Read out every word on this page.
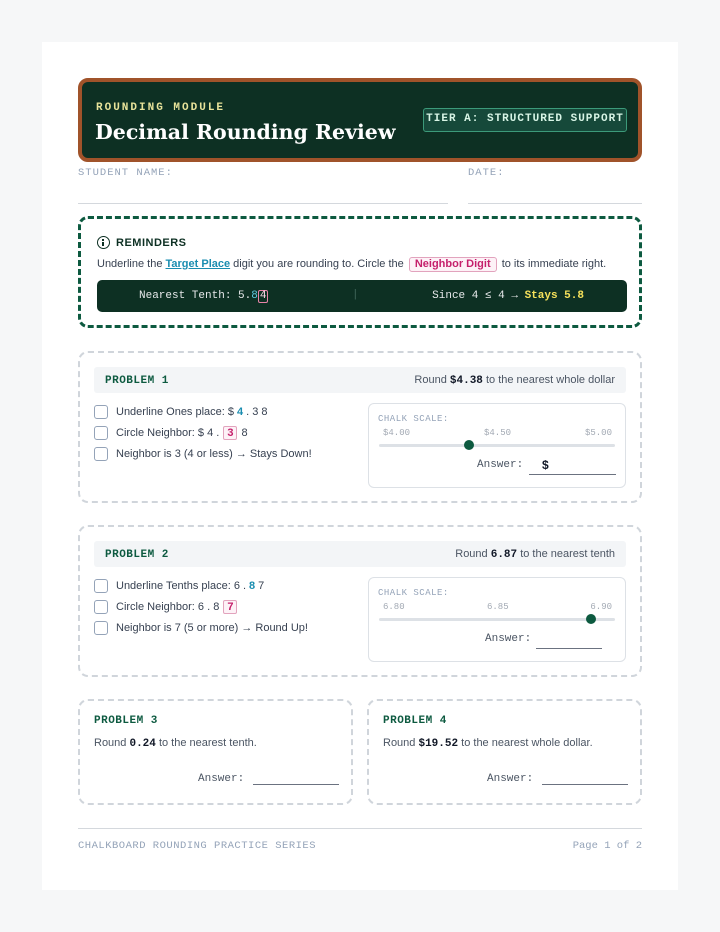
ROUNDING MODULE
Decimal Rounding Review
TIER A: STRUCTURED SUPPORT
STUDENT NAME:	DATE:
REMINDERS
Underline the Target Place digit you are rounding to. Circle the Neighbor Digit to its immediate right.
Nearest Tenth: 5.8 4	|	Since 4 ≤ 4 → Stays 5.8
PROBLEM 1	Round $4.38 to the nearest whole dollar
Underline Ones place: $ 4 . 3 8
Circle Neighbor: $ 4 . 3 8
Neighbor is 3 (4 or less) → Stays Down!
CHALK SCALE:
$4.00	$4.50	$5.00
Answer: $
PROBLEM 2	Round 6.87 to the nearest tenth
Underline Tenths place: 6 . 8 7
Circle Neighbor: 6 . 8 7
Neighbor is 7 (5 or more) → Round Up!
CHALK SCALE:
6.80	6.85	6.90
Answer:
PROBLEM 3
Round 0.24 to the nearest tenth.
Answer:
PROBLEM 4
Round $19.52 to the nearest whole dollar.
Answer:
CHALKBOARD ROUNDING PRACTICE SERIES	Page 1 of 2
